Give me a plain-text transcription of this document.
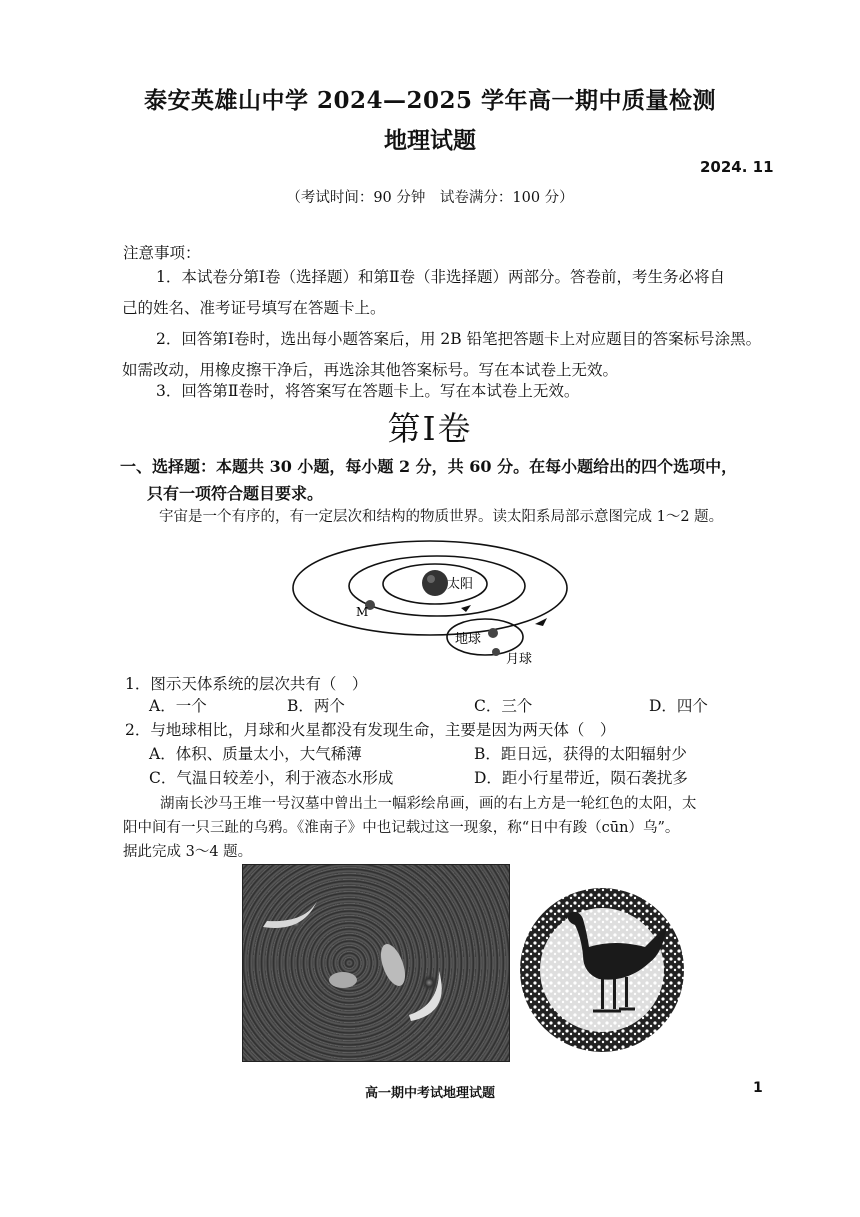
泰安英雄山中学 2024—2025 学年高一期中质量检测
地理试题
2024. 11
（考试时间：90 分钟　试卷满分：100 分）
注意事项：
1．本试卷分第Ⅰ卷（选择题）和第Ⅱ卷（非选择题）两部分。答卷前，考生务必将自
己的姓名、准考证号填写在答题卡上。
2．回答第Ⅰ卷时，选出每小题答案后，用 2B 铅笔把答题卡上对应题目的答案标号涂黑。
如需改动，用橡皮擦干净后，再选涂其他答案标号。写在本试卷上无效。
3．回答第Ⅱ卷时，将答案写在答题卡上。写在本试卷上无效。
第Ⅰ卷
一、选择题：本题共 30 小题，每小题 2 分，共 60 分。在每小题给出的四个选项中，
只有一项符合题目要求。
宇宙是一个有序的，有一定层次和结构的物质世界。读太阳系局部示意图完成 1～2 题。
太阳
M
地球
月球
1．图示天体系统的层次共有（　）
A．一个	B．两个	C．三个	D．四个
2．与地球相比，月球和火星都没有发现生命，主要是因为两天体（　）
A．体积、质量太小，大气稀薄	B．距日远，获得的太阳辐射少
C．气温日较差小，利于液态水形成	D．距小行星带近，陨石袭扰多
湖南长沙马王堆一号汉墓中曾出土一幅彩绘帛画，画的右上方是一轮红色的太阳，太
阳中间有一只三趾的乌鸦。《淮南子》中也记载过这一现象，称“日中有踆（cūn）乌”。
据此完成 3～4 题。
高一期中考试地理试题	1
